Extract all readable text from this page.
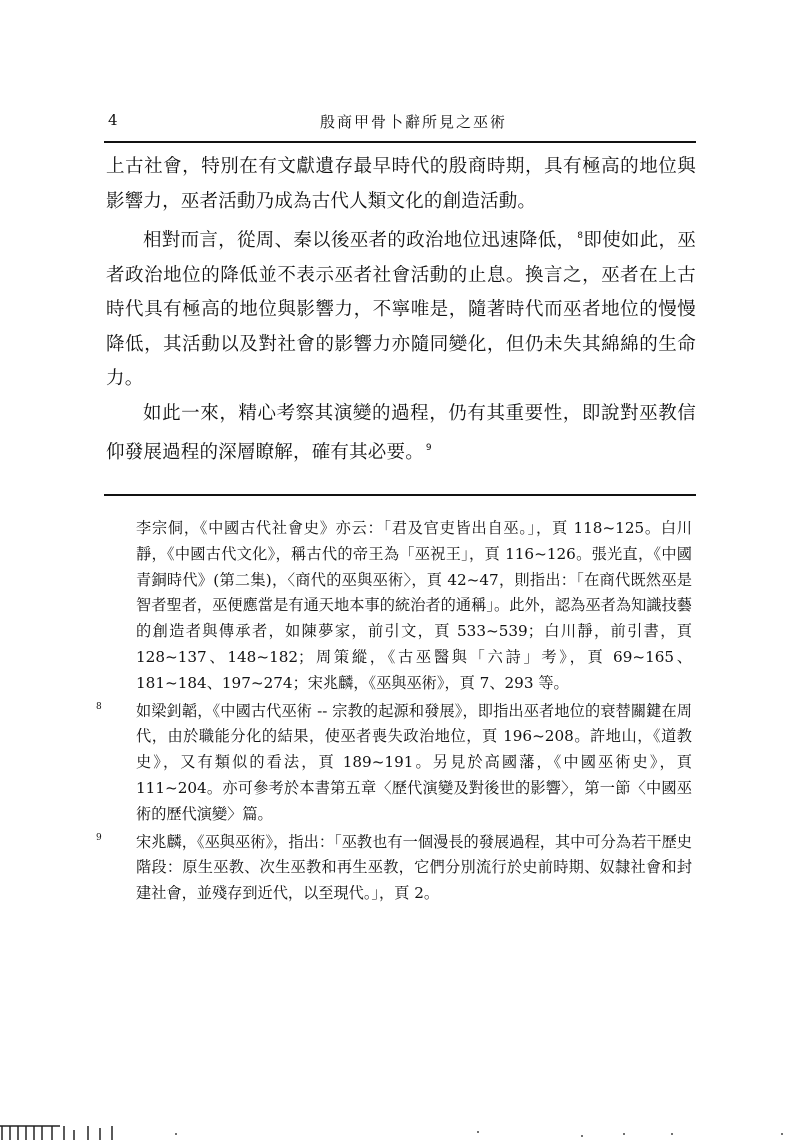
4	殷商甲骨卜辭所見之巫術

上古社會，特別在有文獻遺存最早時代的殷商時期，具有極高的地位與影響力，巫者活動乃成為古代人類文化的創造活動。

相對而言，從周、秦以後巫者的政治地位迅速降低， $^8$即使如此，巫者政治地位的降低並不表示巫者社會活動的止息。換言之，巫者在上古時代具有極高的地位與影響力，不寧唯是，隨著時代而巫者地位的慢慢降低，其活動以及對社會的影響力亦隨同變化，但仍未失其綿綿的生命力。

如此一來，精心考察其演變的過程，仍有其重要性，即說對巫教信仰發展過程的深層瞭解，確有其必要。 $^9$

李宗侗，《中國古代社會史》亦云：「君及官吏皆出自巫。」，頁 118~125。白川靜，《中國古代文化》，稱古代的帝王為「巫祝王」，頁 116~126。張光直，《中國青銅時代》(第二集)，〈商代的巫與巫術〉，頁 42~47，則指出：「在商代既然巫是智者聖者，巫便應當是有通天地本事的統治者的通稱」。此外，認為巫者為知識技藝的創造者與傳承者，如陳夢家，前引文，頁 533~539；白川靜，前引書，頁 128~137、148~182；周策縱，《古巫醫與「六詩」考》，頁 69~165、181~184、197~274；宋兆麟，《巫與巫術》，頁 7、293 等。
8 如梁釗韜，《中國古代巫術 -- 宗教的起源和發展》，即指出巫者地位的衰替關鍵在周代，由於職能分化的結果，使巫者喪失政治地位，頁 196~208。許地山，《道教史》，又有類似的看法，頁 189~191。另見於高國藩，《中國巫術史》，頁 111~204。亦可參考於本書第五章〈歷代演變及對後世的影響〉，第一節〈中國巫術的歷代演變〉篇。
9 宋兆麟，《巫與巫術》，指出：「巫教也有一個漫長的發展過程，其中可分為若干歷史階段：原生巫教、次生巫教和再生巫教，它們分別流行於史前時期、奴隸社會和封建社會，並殘存到近代，以至現代。」，頁 2。
